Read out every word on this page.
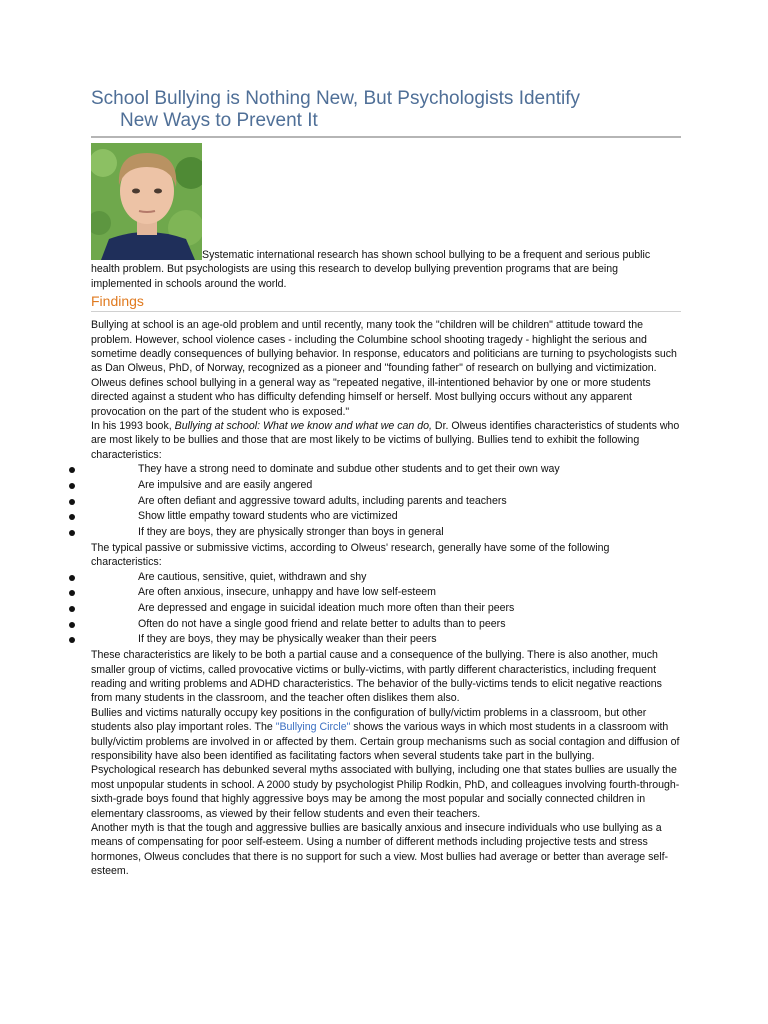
School Bullying is Nothing New, But Psychologists Identify
New Ways to Prevent It

Systematic international research has shown school bullying to be a frequent and serious public health problem. But psychologists are using this research to develop bullying prevention programs that are being implemented in schools around the world.

Findings

Bullying at school is an age-old problem and until recently, many took the "children will be children" attitude toward the problem. However, school violence cases - including the Columbine school shooting tragedy - highlight the serious and sometime deadly consequences of bullying behavior. In response, educators and politicians are turning to psychologists such as Dan Olweus, PhD, of Norway, recognized as a pioneer and "founding father" of research on bullying and victimization.

Olweus defines school bullying in a general way as "repeated negative, ill-intentioned behavior by one or more students directed against a student who has difficulty defending himself or herself. Most bullying occurs without any apparent provocation on the part of the student who is exposed."

In his 1993 book, Bullying at school: What we know and what we can do, Dr. Olweus identifies characteristics of students who are most likely to be bullies and those that are most likely to be victims of bullying. Bullies tend to exhibit the following characteristics:

They have a strong need to dominate and subdue other students and to get their own way
Are impulsive and are easily angered
Are often defiant and aggressive toward adults, including parents and teachers
Show little empathy toward students who are victimized
If they are boys, they are physically stronger than boys in general

The typical passive or submissive victims, according to Olweus' research, generally have some of the following characteristics:

Are cautious, sensitive, quiet, withdrawn and shy
Are often anxious, insecure, unhappy and have low self-esteem
Are depressed and engage in suicidal ideation much more often than their peers
Often do not have a single good friend and relate better to adults than to peers
If they are boys, they may be physically weaker than their peers

These characteristics are likely to be both a partial cause and a consequence of the bullying. There is also another, much smaller group of victims, called provocative victims or bully-victims, with partly different characteristics, including frequent reading and writing problems and ADHD characteristics. The behavior of the bully-victims tends to elicit negative reactions from many students in the classroom, and the teacher often dislikes them also.

Bullies and victims naturally occupy key positions in the configuration of bully/victim problems in a classroom, but other students also play important roles. The "Bullying Circle" shows the various ways in which most students in a classroom with bully/victim problems are involved in or affected by them. Certain group mechanisms such as social contagion and diffusion of responsibility have also been identified as facilitating factors when several students take part in the bullying.

Psychological research has debunked several myths associated with bullying, including one that states bullies are usually the most unpopular students in school. A 2000 study by psychologist Philip Rodkin, PhD, and colleagues involving fourth-through-sixth-grade boys found that highly aggressive boys may be among the most popular and socially connected children in elementary classrooms, as viewed by their fellow students and even their teachers.

Another myth is that the tough and aggressive bullies are basically anxious and insecure individuals who use bullying as a means of compensating for poor self-esteem. Using a number of different methods including projective tests and stress hormones, Olweus concludes that there is no support for such a view. Most bullies had average or better than average self-esteem.
